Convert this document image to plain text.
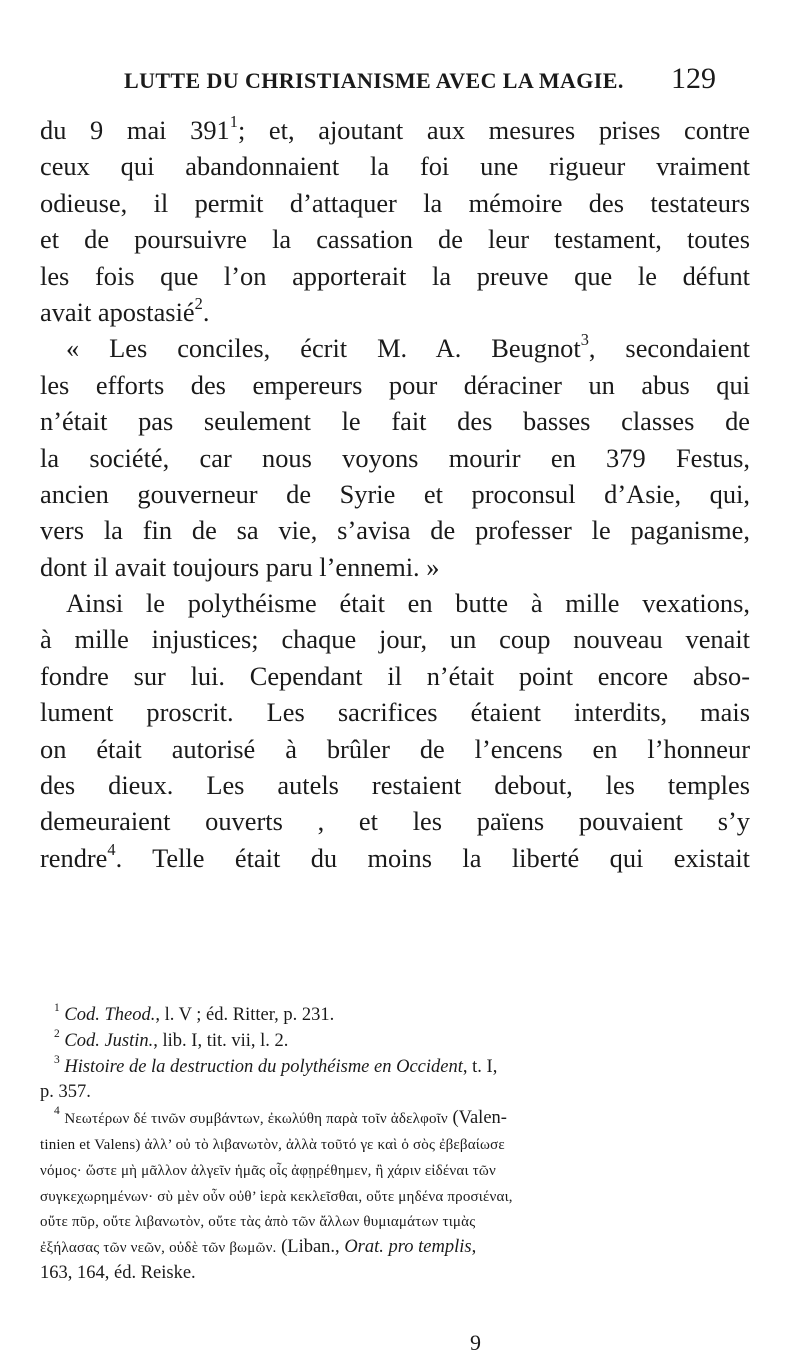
LUTTE DU CHRISTIANISME AVEC LA MAGIE. 129
du 9 mai $391^1$; et, ajoutant aux mesures prises contre
ceux qui abandonnaient la foi une rigueur vraiment
odieuse, il permit d’attaquer la mémoire des testateurs
et de poursuivre la cassation de leur testament, toutes
les fois que l’on apporterait la preuve que le défunt
avait apostasié$^2$.
« Les conciles, écrit M. A. Beugnot$^3$, secondaient
les efforts des empereurs pour déraciner un abus qui
n’était pas seulement le fait des basses classes de
la société, car nous voyons mourir en 379 Festus,
ancien gouverneur de Syrie et proconsul d’Asie, qui,
vers la fin de sa vie, s’avisa de professer le paganisme,
dont il avait toujours paru l’ennemi. »
Ainsi le polythéisme était en butte à mille vexations,
à mille injustices; chaque jour, un coup nouveau venait
fondre sur lui. Cependant il n’était point encore abso-
lument proscrit. Les sacrifices étaient interdits, mais
on était autorisé à brûler de l’encens en l’honneur
des dieux. Les autels restaient debout, les temples
demeuraient ouverts , et les païens pouvaient s’y
rendre$^4$. Telle était du moins la liberté qui existait
$^1$ Cod. Theod., l. V ; éd. Ritter, p. 231.
$^2$ Cod. Justin., lib. I, tit. vii, l. 2.
$^3$ Histoire de la destruction du polythéisme en Occident, t. I,
p. 357.
$^4$ Νεωτέρων δέ τινῶν συμβάντων, ἐκωλύθη παρὰ τοῖν ἀδελφοῖν (Valen-
tinien et Valens) ἀλλ’ οὐ τὸ λιβανωτὸν, ἀλλὰ τοῦτό γε καὶ ὁ σὸς ἐβεβαίωσε
νόμος· ὥστε μὴ μᾶλλον ἀλγεῖν ἡμᾶς οἷς ἀφῃρέθημεν, ἢ χάριν εἰδέναι τῶν
συγκεχωρημένων· σὺ μὲν οὖν οὐθ’ ἱερὰ κεκλεῖσθαι, οὔτε μηδένα προσιέναι,
οὔτε πῦρ, οὔτε λιβανωτὸν, οὔτε τὰς ἀπὸ τῶν ἄλλων θυμιαμάτων τιμὰς
ἐξήλασας τῶν νεῶν, οὐδὲ τῶν βωμῶν. (Liban., Orat. pro templis,
163, 164, éd. Reiske.
9
